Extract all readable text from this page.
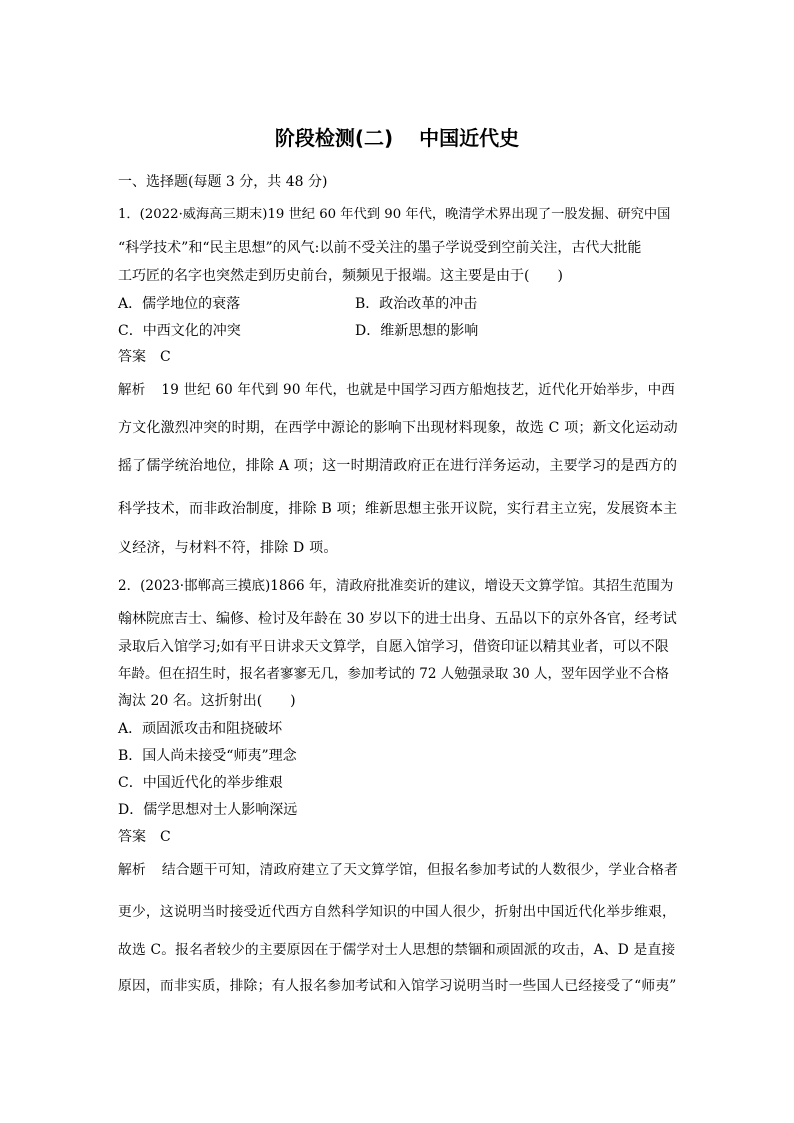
阶段检测(二) 中国近代史
一、选择题(每题 3 分，共 48 分)
1．(2022·威海高三期末)19 世纪 60 年代到 90 年代，晚清学术界出现了一股发掘、研究中国
“科学技术”和“民主思想”的风气:以前不受关注的墨子学说受到空前关注，古代大批能
工巧匠的名字也突然走到历史前台，频频见于报端。这主要是由于(　　)
A．儒学地位的衰落	B．政治改革的冲击
C．中西文化的冲突	D．维新思想的影响
答案 C
解析 19 世纪 60 年代到 90 年代，也就是中国学习西方船炮技艺，近代化开始举步，中西
方文化激烈冲突的时期，在西学中源论的影响下出现材料现象，故选 C 项；新文化运动动
摇了儒学统治地位，排除 A 项；这一时期清政府正在进行洋务运动，主要学习的是西方的
科学技术，而非政治制度，排除 B 项；维新思想主张开议院，实行君主立宪，发展资本主
义经济，与材料不符，排除 D 项。
2．(2023·邯郸高三摸底)1866 年，清政府批准奕䜣的建议，增设天文算学馆。其招生范围为
翰林院庶吉士、编修、检讨及年龄在 30 岁以下的进士出身、五品以下的京外各官，经考试
录取后入馆学习;如有平日讲求天文算学，自愿入馆学习，借资印证以精其业者，可以不限
年龄。但在招生时，报名者寥寥无几，参加考试的 72 人勉强录取 30 人，翌年因学业不合格
淘汰 20 名。这折射出(　　)
A．顽固派攻击和阻挠破坏
B．国人尚未接受“师夷”理念
C．中国近代化的举步维艰
D．儒学思想对士人影响深远
答案 C
解析 结合题干可知，清政府建立了天文算学馆，但报名参加考试的人数很少，学业合格者
更少，这说明当时接受近代西方自然科学知识的中国人很少，折射出中国近代化举步维艰，
故选 C。报名者较少的主要原因在于儒学对士人思想的禁锢和顽固派的攻击，A、D 是直接
原因，而非实质，排除；有人报名参加考试和入馆学习说明当时一些国人已经接受了“师夷”
